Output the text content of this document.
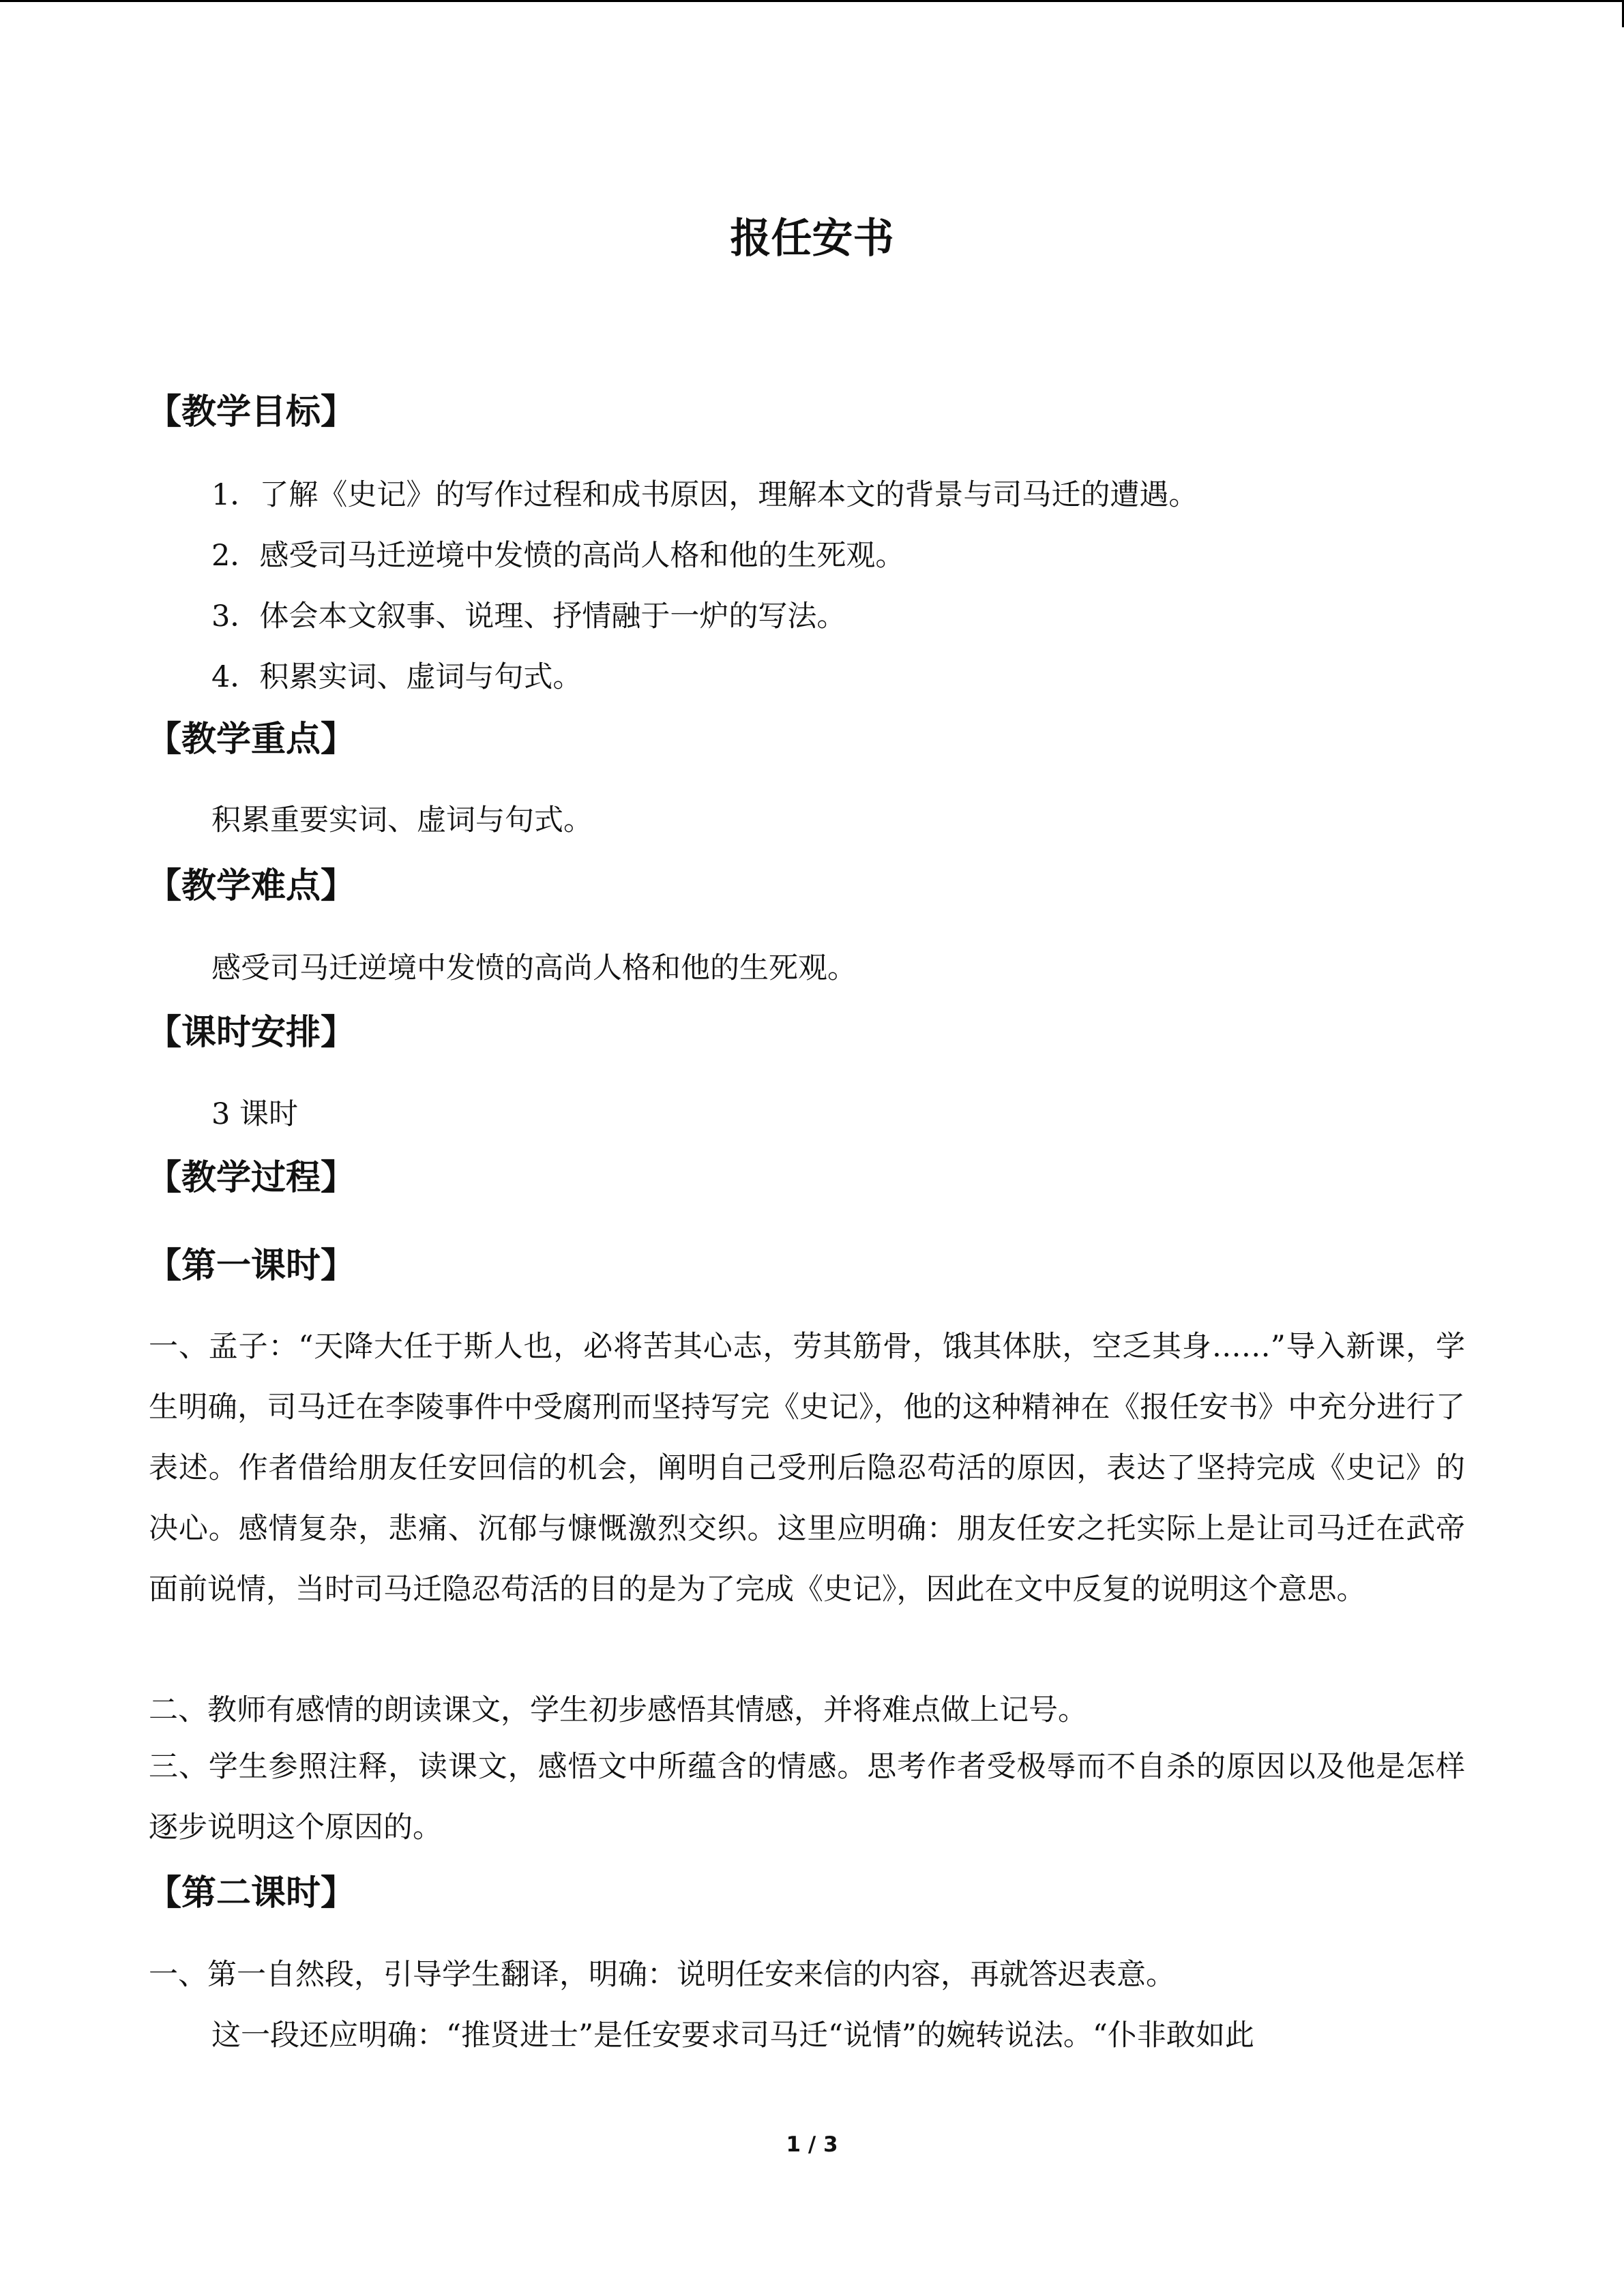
报任安书
【教学目标】
1．了解《史记》的写作过程和成书原因，理解本文的背景与司马迁的遭遇。
2．感受司马迁逆境中发愤的高尚人格和他的生死观。
3．体会本文叙事、说理、抒情融于一炉的写法。
4．积累实词、虚词与句式。
【教学重点】
积累重要实词、虚词与句式。
【教学难点】
感受司马迁逆境中发愤的高尚人格和他的生死观。
【课时安排】
3 课时
【教学过程】
【第一课时】
一、孟子：“天降大任于斯人也，必将苦其心志，劳其筋骨，饿其体肤，空乏其身……”导入新课，学生明确，司马迁在李陵事件中受腐刑而坚持写完《史记》，他的这种精神在《报任安书》中充分进行了表述。作者借给朋友任安回信的机会，阐明自己受刑后隐忍苟活的原因，表达了坚持完成《史记》的决心。感情复杂，悲痛、沉郁与慷慨激烈交织。这里应明确：朋友任安之托实际上是让司马迁在武帝面前说情，当时司马迁隐忍苟活的目的是为了完成《史记》，因此在文中反复的说明这个意思。
二、教师有感情的朗读课文，学生初步感悟其情感，并将难点做上记号。
三、学生参照注释，读课文，感悟文中所蕴含的情感。思考作者受极辱而不自杀的原因以及他是怎样逐步说明这个原因的。
【第二课时】
一、第一自然段，引导学生翻译，明确：说明任安来信的内容，再就答迟表意。
这一段还应明确：“推贤进士”是任安要求司马迁“说情”的婉转说法。“仆非敢如此
1 / 3
